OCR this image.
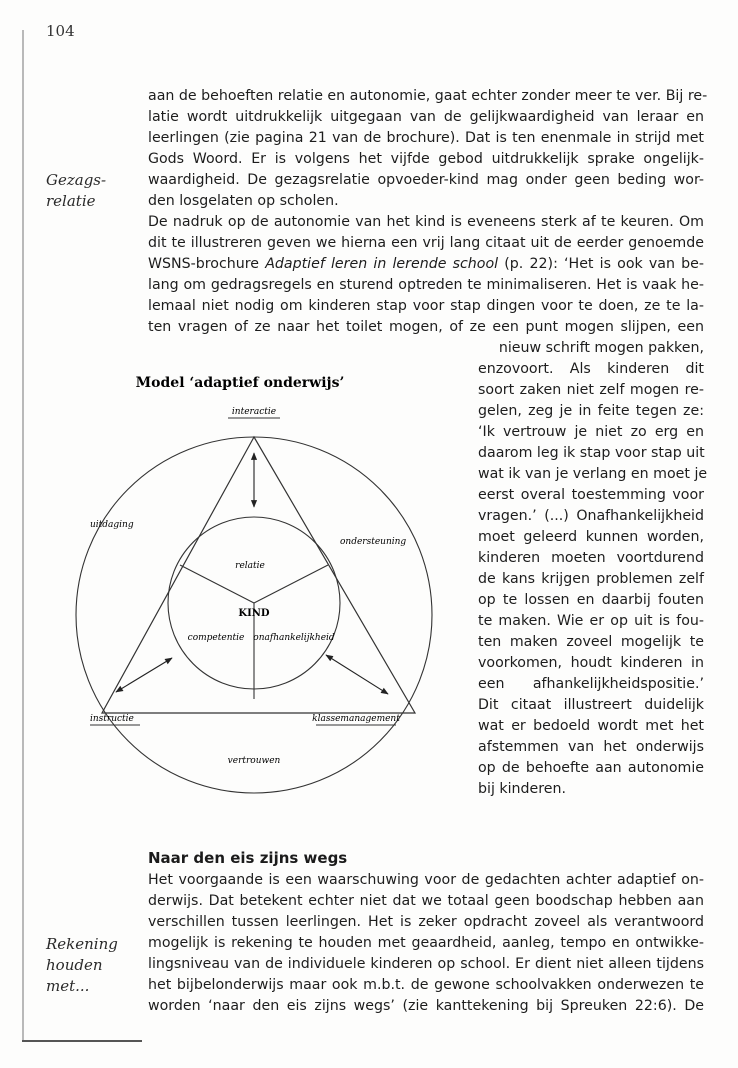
104
Gezags-
relatie
Rekening
houden
met...
aan de behoeften relatie en autonomie, gaat echter zonder meer te ver. Bij re-
latie wordt uitdrukkelijk uitgegaan van de gelijkwaardigheid van leraar en
leerlingen (zie pagina 21 van de brochure). Dat is ten enenmale in strijd met
Gods Woord. Er is volgens het vijfde gebod uitdrukkelijk sprake ongelijk-
waardigheid. De gezagsrelatie opvoeder-kind mag onder geen beding wor-
den losgelaten op scholen.
De nadruk op de autonomie van het kind is eveneens sterk af te keuren. Om
dit te illustreren geven we hierna een vrij lang citaat uit de eerder genoemde
WSNS-brochure Adaptief leren in lerende school (p. 22): ‘Het is ook van be-
lang om gedragsregels en sturend optreden te minimaliseren. Het is vaak he-
lemaal niet nodig om kinderen stap voor stap dingen voor te doen, ze te la-
ten vragen of ze naar het toilet mogen, of ze een punt mogen slijpen, een
nieuw schrift mogen pakken,
enzovoort. Als kinderen dit
soort zaken niet zelf mogen re-
gelen, zeg je in feite tegen ze:
‘Ik vertrouw je niet zo erg en
daarom leg ik stap voor stap uit
wat ik van je verlang en moet je
eerst overal toestemming voor
vragen.’ (...) Onafhankelijkheid
moet geleerd kunnen worden,
kinderen moeten voortdurend
de kans krijgen problemen zelf
op te lossen en daarbij fouten
te maken. Wie er op uit is fou-
ten maken zoveel mogelijk te
voorkomen, houdt kinderen in
een afhankelijkheidspositie.’
Dit citaat illustreert duidelijk
wat er bedoeld wordt met het
afstemmen van het onderwijs
op de behoefte aan autonomie
bij kinderen.
Model ‘adaptief onderwijs’
interactie
uitdaging
ondersteuning
relatie
KIND
competentie onafhankelijkheid
instructie	klassemanagement
vertrouwen
Naar den eis zijns wegs
Het voorgaande is een waarschuwing voor de gedachten achter adaptief on-
derwijs. Dat betekent echter niet dat we totaal geen boodschap hebben aan
verschillen tussen leerlingen. Het is zeker opdracht zoveel als verantwoord
mogelijk is rekening te houden met geaardheid, aanleg, tempo en ontwikke-
lingsniveau van de individuele kinderen op school. Er dient niet alleen tijdens
het bijbelonderwijs maar ook m.b.t. de gewone schoolvakken onderwezen te
worden ‘naar den eis zijns wegs’ (zie kanttekening bij Spreuken 22:6). De
